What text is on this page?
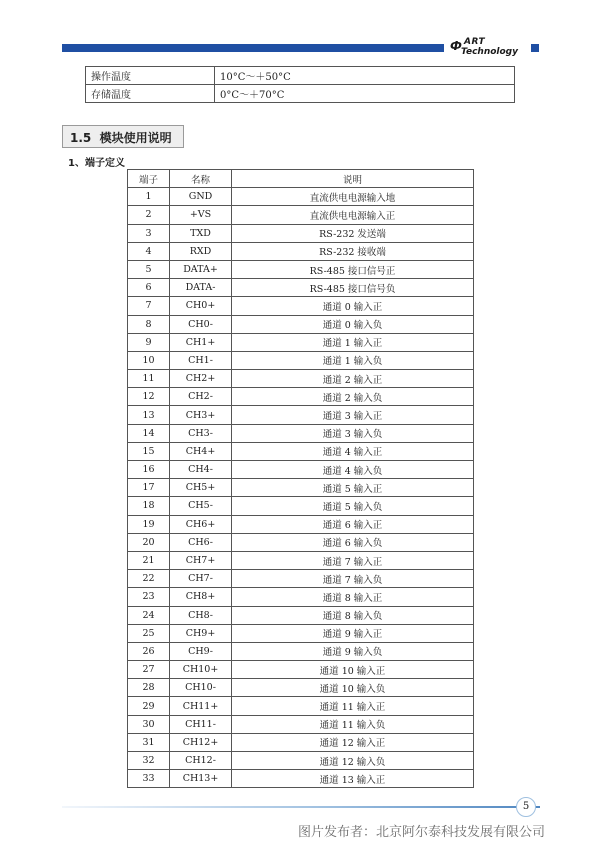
Ф ART
Technology
操作温度	10°C～＋50°C
存储温度	0°C～＋70°C
1.5 模块使用说明
1、端子定义
端子	名称	说明
1	GND	直流供电电源输入地
2	+VS	直流供电电源输入正
3	TXD	RS-232 发送端
4	RXD	RS-232 接收端
5	DATA+	RS-485 接口信号正
6	DATA-	RS-485 接口信号负
7	CH0+	通道 0 输入正
8	CH0-	通道 0 输入负
9	CH1+	通道 1 输入正
10	CH1-	通道 1 输入负
11	CH2+	通道 2 输入正
12	CH2-	通道 2 输入负
13	CH3+	通道 3 输入正
14	CH3-	通道 3 输入负
15	CH4+	通道 4 输入正
16	CH4-	通道 4 输入负
17	CH5+	通道 5 输入正
18	CH5-	通道 5 输入负
19	CH6+	通道 6 输入正
20	CH6-	通道 6 输入负
21	CH7+	通道 7 输入正
22	CH7-	通道 7 输入负
23	CH8+	通道 8 输入正
24	CH8-	通道 8 输入负
25	CH9+	通道 9 输入正
26	CH9-	通道 9 输入负
27	CH10+	通道 10 输入正
28	CH10-	通道 10 输入负
29	CH11+	通道 11 输入正
30	CH11-	通道 11 输入负
31	CH12+	通道 12 输入正
32	CH12-	通道 12 输入负
33	CH13+	通道 13 输入正
5
图片发布者：北京阿尔泰科技发展有限公司
